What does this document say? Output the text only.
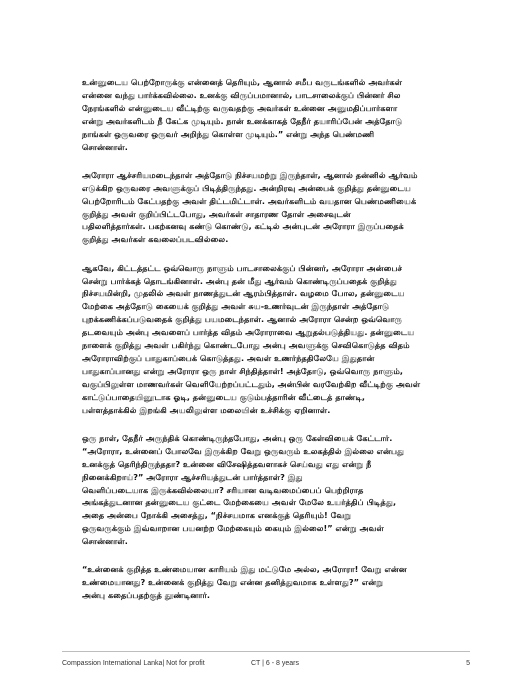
உன்னுடைய பெற்றோருக்கு என்னைத் தெரியும், ஆனால் சமீப வருடங்களில் அவர்கள்
என்னை வந்து பார்க்கவில்லை. உனக்கு விருப்பமானால், பாடசாலைக்குப் பின்னர் சில
நேரங்களில் என்னுடைய வீட்டிற்கு வருவதற்கு அவர்கள் உன்னை அனுமதிப்பார்களா
என்று அவர்களிடம் நீ கேட்க முடியும். நான் உனக்காகத் தேநீர் தயாரிப்பேன் அத்தோடு
நாங்கள் ஒருவரை ஒருவர் அறிந்து கொள்ள முடியும்.” என்று அந்த பெண்மணி
சொன்னாள்.

அரோரா ஆச்சரியமடைந்தாள் அத்தோடு நிச்சயமற்று இருந்தாள், ஆனால் தன்னில் ஆர்வம்
எடுக்கிற ஒருவரை அவளுக்குப் பிடித்திருந்தது. அன்றிரவு அன்பைக் குறித்து தன்னுடைய
பெற்றோரிடம் கேட்பதற்கு அவள் திட்டமிட்டாள். அவர்களிடம் வயதான பெண்மணியைக்
குறித்து அவள் குறிப்பிட்டபோது, அவர்கள் சாதாரண தோள் அசைவுடன்
பதிலளித்தார்கள். பகற்கனவு கண்டு கொண்டு, கட்டில் அன்புடன் அரோரா இருப்பதைக்
குறித்து அவர்கள் கவலைப்படவில்லை.

ஆகவே, கிட்டத்தட்ட ஒவ்வொரு நாளும் பாடசாலைக்குப் பின்னர், அரோரா அன்பைச்
சென்று பார்க்கத் தொடங்கினாள். அன்பு தன் மீது ஆர்வம் கொண்டிருப்பதைக் குறித்து
நிச்சயமின்றி, முதலில் அவள் நாணத்துடன் ஆரம்பித்தாள். வழமை போல, தன்னுடைய
மேற்கை அத்தோடு கையைக் குறித்து அவள் சுய-உணர்வுடன் இருந்தாள் அத்தோடு
புறக்கணிக்கப்படுவதைக் குறித்து பயமடைந்தாள். ஆனால் அரோரா சென்ற ஒவ்வொரு
தடவையும் அன்பு அவளைப் பார்த்த விதம் அரோராவை ஆறுதல்படுத்தியது. தன்னுடைய
நாளைக் குறித்து அவள் பகிர்ந்து கொண்டபோது அன்பு அவளுக்கு செவிகொடுத்த விதம்
அரோராவிற்குப் பாதுகாப்பைக் கொடுத்தது. அவள் உணர்ந்ததிலேயே இதுதான்
பாதுகாப்பானது என்று அரோரா ஒரு நாள் சிந்தித்தாள்! அத்தோடு, ஒவ்வொரு நாளும்,
வகுப்பிலுள்ள மாணவர்கள் வெளியேற்றப்பட்டதும், அன்பின் வரவேற்கிற வீட்டிற்கு அவள்
காட்டுப்பாதையினூடாக ஓடி, தன்னுடைய குடும்பத்தாரின் வீட்டைத் தாண்டி,
பள்ளத்தாக்கில் இறங்கி அயலிலுள்ள மலையின் உச்சிக்கு ஏறினாள்.

ஒரு நாள், தேநீர் அருந்திக் கொண்டிருந்தபோது, அன்பு ஒரு கேள்வியைக் கேட்டார்.
“அரோரா, உன்னைப் போலவே இருக்கிற வேறு ஒருவரும் உலகத்தில் இல்லை என்பது
உனக்குத் தெரிந்திருந்ததா? உன்னை விசேஷித்தவளாகச் செய்வது எது என்று நீ
நினைக்கிறாய்?” அரோரா ஆச்சரியத்துடன் பார்த்தாள்? இது
வெளிப்படையாக இருக்கவில்லையா? சரியான வடிவமைப்பைப் பெற்றிராத
அங்கத்துடனான தன்னுடைய குட்டை மேற்கையை அவள் மேலே உயர்த்திப் பிடித்து,
அதை அன்பை நோக்கி அசைத்து, “நிச்சயமாக எனக்குத் தெரியும்! வேறு
ஒருவருக்கும் இவ்வாறான பயனற்ற மேற்கையும் கையும் இல்லை!” என்று அவள்
சொன்னாள்.

“உன்னைக் குறித்த உண்மையான காரியம் இது மட்டுமே அல்ல, அரோரா! வேறு என்ன
உண்மையானது? உன்னைக் குறித்து வேறு என்ன தனித்துவமாக உள்ளது?” என்று
அன்பு கதைப்பதற்குத் தூண்டினார்.

Compassion International Lanka| Not for profit	CT | 6 - 8 years	5
